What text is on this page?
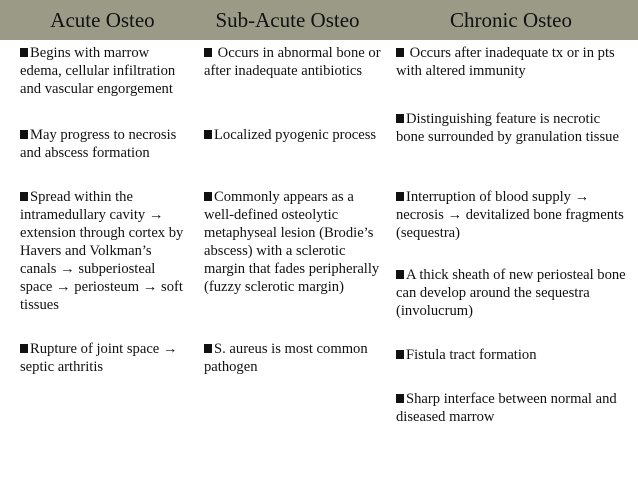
Acute Osteo	Sub-Acute Osteo	Chronic Osteo

Begins with marrow edema, cellular infiltration and vascular engorgement

May progress to necrosis and abscess formation

Spread within the intramedullary cavity → extension through cortex by Havers and Volkman’s canals → subperiosteal space → periosteum → soft tissues

Rupture of joint space → septic arthritis

Occurs in abnormal bone or after inadequate antibiotics

Localized pyogenic process

Commonly appears as a well-defined osteolytic metaphyseal lesion (Brodie’s abscess) with a sclerotic margin that fades peripherally (fuzzy sclerotic margin)

S. aureus is most common pathogen

Occurs after inadequate tx or in pts with altered immunity

Distinguishing feature is necrotic bone surrounded by granulation tissue

Interruption of blood supply → necrosis → devitalized bone fragments (sequestra)

A thick sheath of new periosteal bone can develop around the sequestra (involucrum)

Fistula tract formation

Sharp interface between normal and diseased marrow
